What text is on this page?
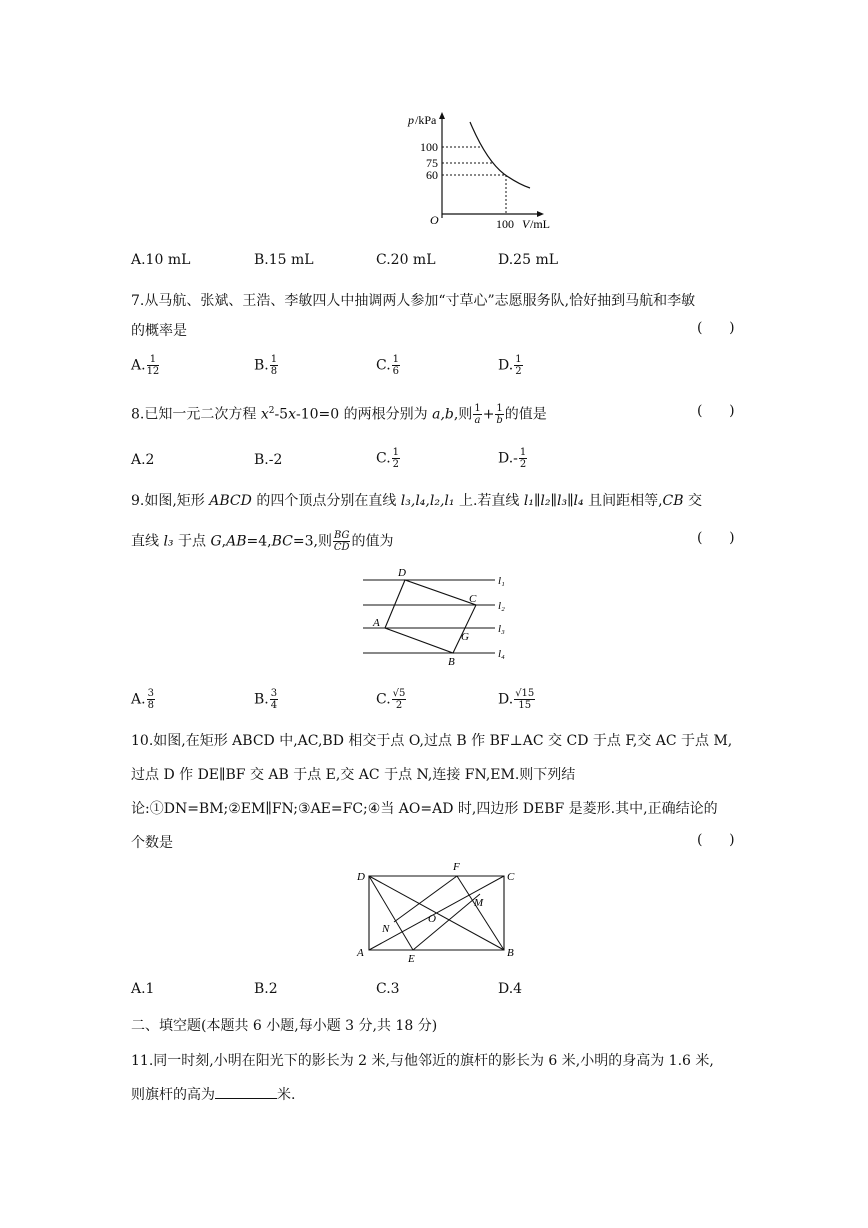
p /kPa
100
75
60
O	100 V /mL
A.10 mL	B.15 mL	C.20 mL	D.25 mL
7.从马航、张斌、王浩、李敏四人中抽调两人参加“寸草心”志愿服务队,恰好抽到马航和李敏
的概率是	(      )
A. $\frac{1}{12}$	B. $\frac{1}{8}$	C. $\frac{1}{6}$	D. $\frac{1}{2}$
8.已知一元二次方程 $x^2-5x-10=0$ 的两根分别为 a,b,则 $\frac{1}{a}+ \frac{1}{b}$的值是	(      )
A.2	B.-2	C. $\frac{1}{2}$	$D.- \frac{1}{2}$
9.如图,矩形 ABCD 的四个顶点分别在直线 l₃,l₄,l₂,l₁ 上.若直线 l₁∥l₂∥l₃∥l₄ 且间距相等,CB 交
直线 l₃ 于点 G,AB=4,BC=3,则 $\frac{BG}{CD}$ 的值为	(      )
D
C
A
G
B
l₁
l₂
l₃
l₄
A. $\frac{3}{8}$	B. $\frac{3}{4}$	C. $\frac{√5}{2}$	D. $\frac{√15}{15}$
10.如图,在矩形 ABCD 中,AC,BD 相交于点 O,过点 B 作 BF⊥AC 交 CD 于点 F,交 AC 于点 M,
过点 D 作 DE∥BF 交 AB 于点 E,交 AC 于点 N,连接 FN,EM.则下列结
论:①DN=BM;②EM∥FN;③AE=FC;④当 AO=AD 时,四边形 DEBF 是菱形.其中,正确结论的
个数是	(      )
D
F
C
M
O
N
A	E	B
A.1	B.2	C.3	D.4
二、填空题(本题共 6 小题,每小题 3 分,共 18 分)
11.同一时刻,小明在阳光下的影长为 2 米,与他邻近的旗杆的影长为 6 米,小明的身高为 1.6 米,
则旗杆的高为	米.
